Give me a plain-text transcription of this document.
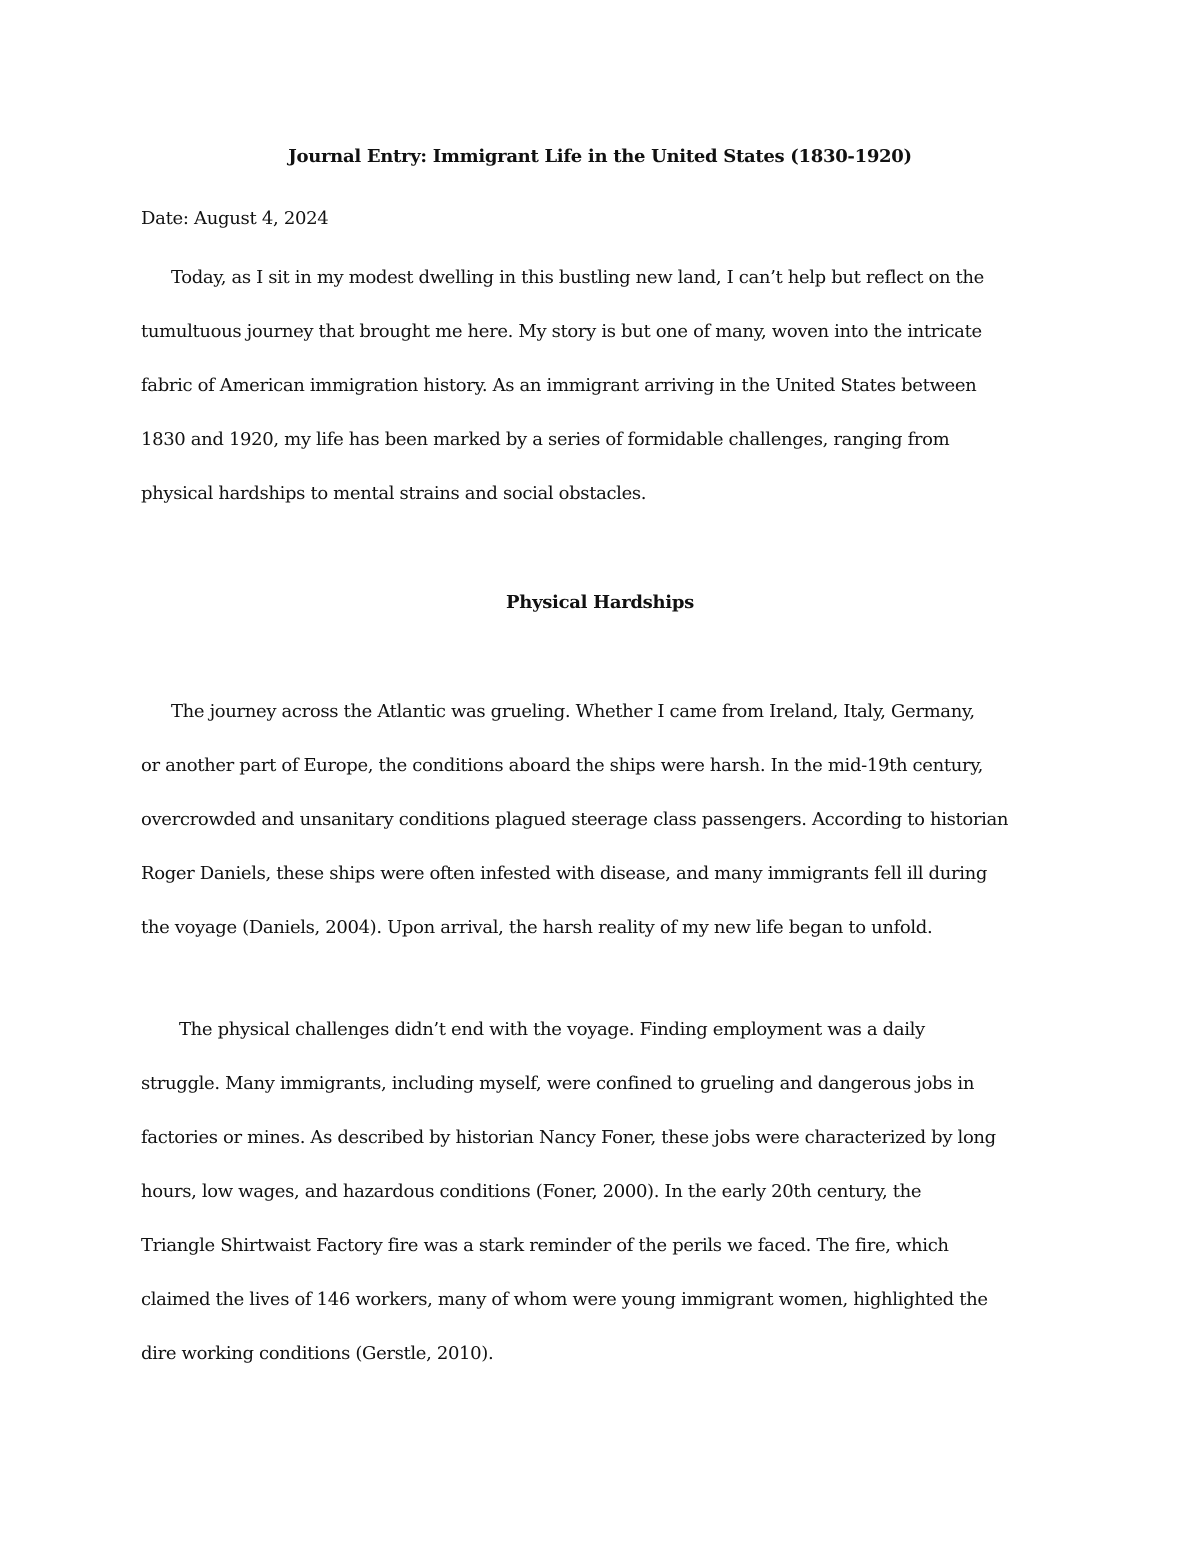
Journal Entry: Immigrant Life in the United States (1830-1920)
Date: August 4, 2024
Today, as I sit in my modest dwelling in this bustling new land, I can’t help but reflect on the
tumultuous journey that brought me here. My story is but one of many, woven into the intricate
fabric of American immigration history. As an immigrant arriving in the United States between
1830 and 1920, my life has been marked by a series of formidable challenges, ranging from
physical hardships to mental strains and social obstacles.
Physical Hardships
The journey across the Atlantic was grueling. Whether I came from Ireland, Italy, Germany,
or another part of Europe, the conditions aboard the ships were harsh. In the mid-19th century,
overcrowded and unsanitary conditions plagued steerage class passengers. According to historian
Roger Daniels, these ships were often infested with disease, and many immigrants fell ill during
the voyage (Daniels, 2004). Upon arrival, the harsh reality of my new life began to unfold.
The physical challenges didn’t end with the voyage. Finding employment was a daily
struggle. Many immigrants, including myself, were confined to grueling and dangerous jobs in
factories or mines. As described by historian Nancy Foner, these jobs were characterized by long
hours, low wages, and hazardous conditions (Foner, 2000). In the early 20th century, the
Triangle Shirtwaist Factory fire was a stark reminder of the perils we faced. The fire, which
claimed the lives of 146 workers, many of whom were young immigrant women, highlighted the
dire working conditions (Gerstle, 2010).
